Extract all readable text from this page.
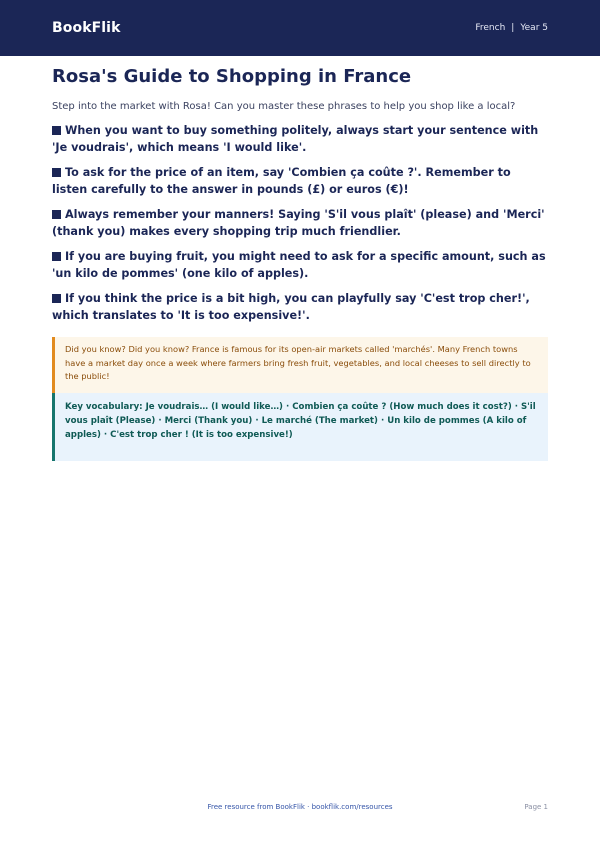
BookFlik	French | Year 5
Rosa's Guide to Shopping in France

Step into the market with Rosa! Can you master these phrases to help you shop like a local?

When you want to buy something politely, always start your sentence with 'Je voudrais', which means 'I would like'.
To ask for the price of an item, say 'Combien ça coûte ?'. Remember to listen carefully to the answer in pounds (£) or euros (€)!
Always remember your manners! Saying 'S'il vous plaît' (please) and 'Merci' (thank you) makes every shopping trip much friendlier.
If you are buying fruit, you might need to ask for a specific amount, such as 'un kilo de pommes' (one kilo of apples).
If you think the price is a bit high, you can playfully say 'C'est trop cher!', which translates to 'It is too expensive!'.
Did you know? Did you know? France is famous for its open-air markets called 'marchés'. Many French towns have a market day once a week where farmers bring fresh fruit, vegetables, and local cheeses to sell directly to the public!
Key vocabulary: Je voudrais… (I would like…) · Combien ça coûte ? (How much does it cost?) · S'il vous plaît (Please) · Merci (Thank you) · Le marché (The market) · Un kilo de pommes (A kilo of apples) · C'est trop cher ! (It is too expensive!)
Free resource from BookFlik · bookflik.com/resources	Page 1
